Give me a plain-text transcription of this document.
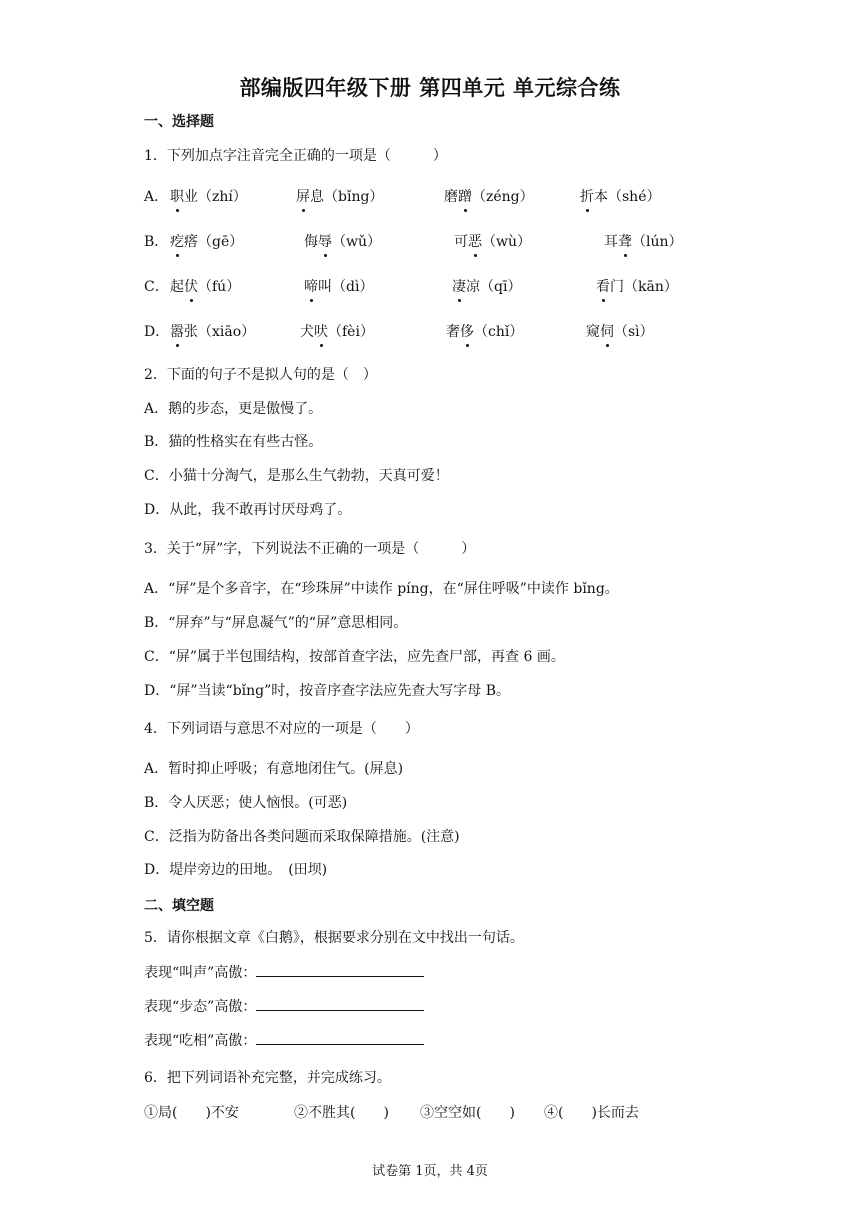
部编版四年级下册 第四单元 单元综合练
一、选择题
1．下列加点字注音完全正确的一项是（　　　）
A． 职业（zhí）	屏息（bǐng）	磨蹭（zéng）	折本（shé）
B． 疙瘩（gē）	侮辱（wǔ）	可恶（wù）	耳聋（lún）
C． 起伏（fú）	啼叫（dì）	凄凉（qī）	看门（kān）
D． 嚣张（xiāo）	犬吠（fèi）	奢侈（chǐ）	窥伺（sì）
2．下面的句子不是拟人句的是（　）
A．鹅的步态，更是傲慢了。
B．猫的性格实在有些古怪。
C．小猫十分淘气，是那么生气勃勃，天真可爱！
D．从此，我不敢再讨厌母鸡了。
3．关于“屏”字，下列说法不正确的一项是（　　　）
A．“屏”是个多音字，在“珍珠屏”中读作 píng，在“屏住呼吸”中读作 bǐng。
B．“屏弃”与“屏息凝气”的“屏”意思相同。
C．“屏”属于半包围结构，按部首查字法，应先查尸部，再查 6 画。
D．“屏”当读“bǐng”时，按音序查字法应先查大写字母 B。
4．下列词语与意思不对应的一项是（　　）
A．暂时抑止呼吸；有意地闭住气。(屏息)
B．令人厌恶；使人恼恨。(可恶)
C．泛指为防备出各类问题而采取保障措施。(注意)
D．堤岸旁边的田地。　(田坝)
二、填空题
5．请你根据文章《白鹅》，根据要求分别在文中找出一句话。
表现“叫声”高傲：
表现“步态”高傲：
表现“吃相”高傲：
6．把下列词语补充完整，并完成练习。
①局(　　)不安	②不胜其(　　) ③空空如(　　) ④(　　)长而去
试卷第 1页，共 4页
